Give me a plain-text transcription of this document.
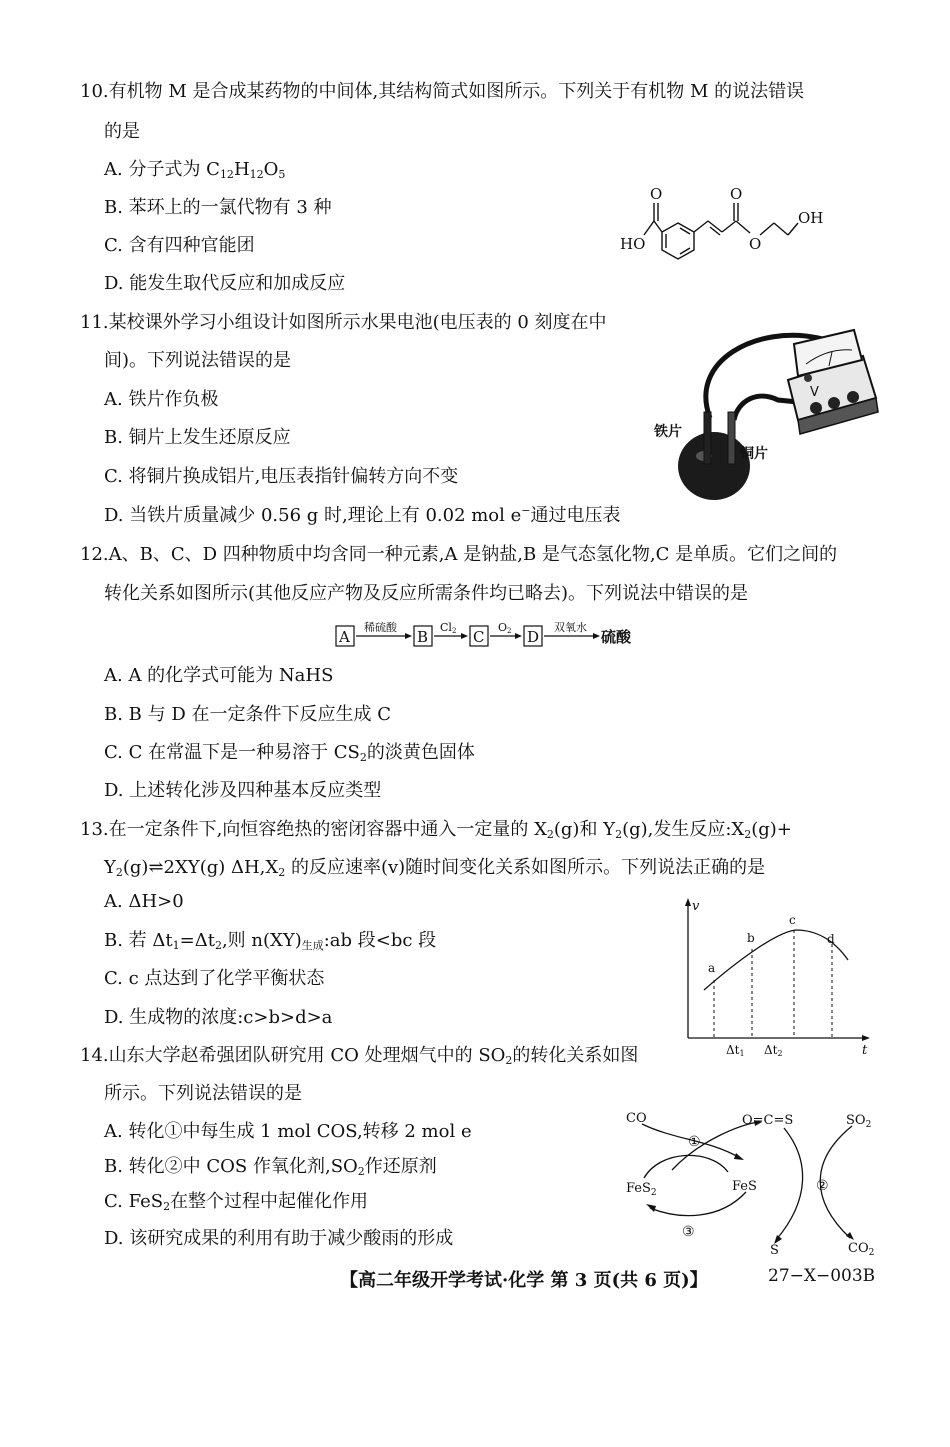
10.有机物 M 是合成某药物的中间体,其结构简式如图所示。下列关于有机物 M 的说法错误
的是
A. 分子式为 $C_{12}H_{12}O_5$
B. 苯环上的一氯代物有 3 种
C. 含有四种官能团
D. 能发生取代反应和加成反应
O
HO
O
O
OH
11.某校课外学习小组设计如图所示水果电池(电压表的 0 刻度在中
间)。下列说法错误的是
A. 铁片作负极
B. 铜片上发生还原反应
C. 将铜片换成铝片,电压表指针偏转方向不变
D. 当铁片质量减少 0.56 g 时,理论上有 0.02 mol e−通过电压表
V
铁片
铜片
12.A、B、C、D 四种物质中均含同一种元素,A 是钠盐,B 是气态氢化物,C 是单质。它们之间的
转化关系如图所示(其他反应产物及反应所需条件均已略去)。下列说法中错误的是
A	B	C	D
稀硫酸	Cl2	O2	双氧水
硫酸
A. A 的化学式可能为 NaHS
B. B 与 D 在一定条件下反应生成 C
C. C 在常温下是一种易溶于 $CS_2$的淡黄色固体
D. 上述转化涉及四种基本反应类型
13.在一定条件下,向恒容绝热的密闭容器中通入一定量的 $X_2(g)$和 $Y_2(g)$,发生反应$:X_2(g)+$
$Y_2(g)\rightleftharpoons 2XY(g)$ $\Delta H,X_2$ 的反应速率(v)随时间变化关系如图所示。下列说法正确的是
A. ΔH>0
B. 若 $\Delta t_1=\Delta t_2$,则 $n(XY)_{生成}:ab$ 段<bc 段
C. c 点达到了化学平衡状态
D. 生成物的浓度:c>b>d>a
v
t
a
b
c
d
Δt1 Δt2
14.山东大学赵希强团队研究用 CO 处理烟气中的 $SO_2$的转化关系如图
所示。下列说法错误的是
A. 转化①中每生成 1 mol COS,转移 2 mol e
B. 转化②中 COS 作氧化剂$,SO_2$作还原剂
C. FeS$_2$在整个过程中起催化作用
D. 该研究成果的利用有助于减少酸雨的形成
CO	O=C=S	$SO_2$
FeS$_2$	FeS
S	$CO_2$
①
②
③
【高二年级开学考试·化学 第 3 页(共 6 页)】	27−X−003B
